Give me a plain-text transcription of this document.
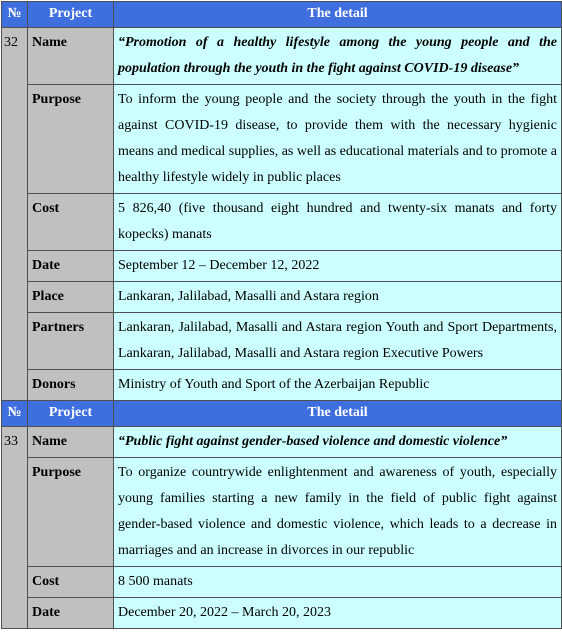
№	Project	The detail
32	Name	“Promotion of a healthy lifestyle among the young people and the population through the youth in the fight against COVID-19 disease”
	Purpose	To inform the young people and the society through the youth in the fight against COVID-19 disease, to provide them with the necessary hygienic means and medical supplies, as well as educational materials and to promote a healthy lifestyle widely in public places
	Cost	5 826,40 (five thousand eight hundred and twenty-six manats and forty kopecks) manats
	Date	September 12 – December 12, 2022
	Place	Lankaran, Jalilabad, Masalli and Astara region
	Partners	Lankaran, Jalilabad, Masalli and Astara region Youth and Sport Departments, Lankaran, Jalilabad, Masalli and Astara region Executive Powers
	Donors	Ministry of Youth and Sport of the Azerbaijan Republic
№	Project	The detail
33	Name	“Public fight against gender-based violence and domestic violence”
	Purpose	To organize countrywide enlightenment and awareness of youth, especially young families starting a new family in the field of public fight against gender-based violence and domestic violence, which leads to a decrease in marriages and an increase in divorces in our republic
	Cost	8 500 manats
	Date	December 20, 2022 – March 20, 2023
